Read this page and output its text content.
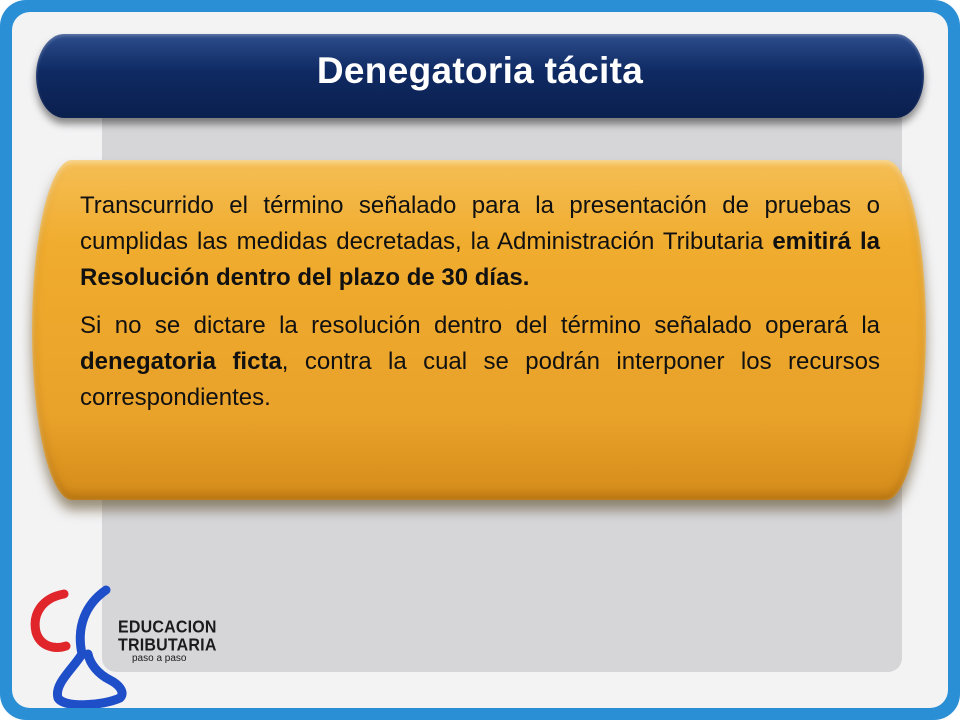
Denegatoria tácita

Transcurrido el término señalado para la presentación de pruebas o cumplidas las medidas decretadas, la Administración Tributaria emitirá la Resolución dentro del plazo de 30 días.

Si no se dictare la resolución dentro del término señalado operará la denegatoria ficta, contra la cual se podrán interponer los recursos correspondientes.

EDUCACION
TRIBUTARIA
paso a paso
